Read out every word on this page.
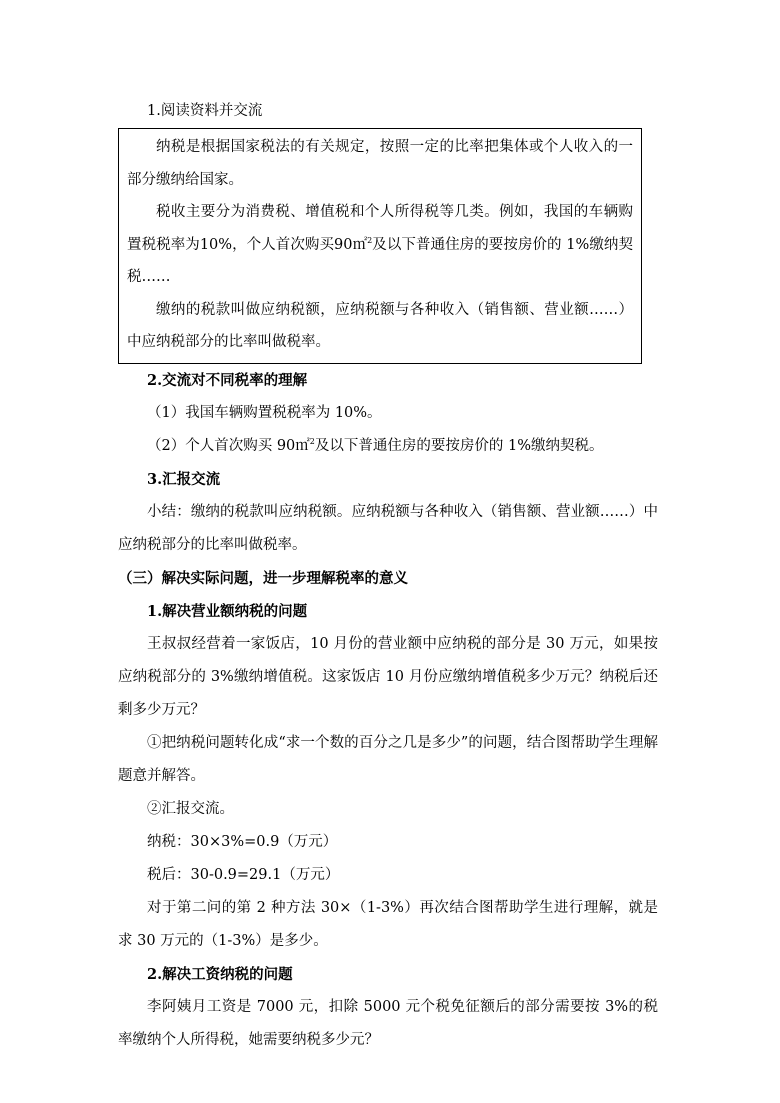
1.阅读资料并交流

纳税是根据国家税法的有关规定，按照一定的比率把集体或个人收入的一部分缴纳给国家。

税收主要分为消费税、增值税和个人所得税等几类。例如，我国的车辆购置税税率为10%，个人首次购买90㎡$^2$及以下普通住房的要按房价的 1%缴纳契税……

缴纳的税款叫做应纳税额，应纳税额与各种收入（销售额、营业额……）中应纳税部分的比率叫做税率。

2.交流对不同税率的理解

（1）我国车辆购置税税率为 10%。

（2）个人首次购买 90㎡$^2$及以下普通住房的要按房价的 1%缴纳契税。

3.汇报交流

小结：缴纳的税款叫应纳税额。应纳税额与各种收入（销售额、营业额……）中应纳税部分的比率叫做税率。

（三）解决实际问题，进一步理解税率的意义

1.解决营业额纳税的问题

王叔叔经营着一家饭店，10 月份的营业额中应纳税的部分是 30 万元，如果按应纳税部分的 3%缴纳增值税。这家饭店 10 月份应缴纳增值税多少万元？纳税后还剩多少万元？

①把纳税问题转化成“求一个数的百分之几是多少”的问题，结合图帮助学生理解题意并解答。

②汇报交流。

纳税：30×3%=0.9（万元）

税后：30-0.9=29.1（万元）

对于第二问的第 2 种方法 30×（1-3%）再次结合图帮助学生进行理解，就是求 30 万元的（1-3%）是多少。

2.解决工资纳税的问题

李阿姨月工资是 7000 元，扣除 5000 元个税免征额后的部分需要按 3%的税率缴纳个人所得税，她需要纳税多少元？
